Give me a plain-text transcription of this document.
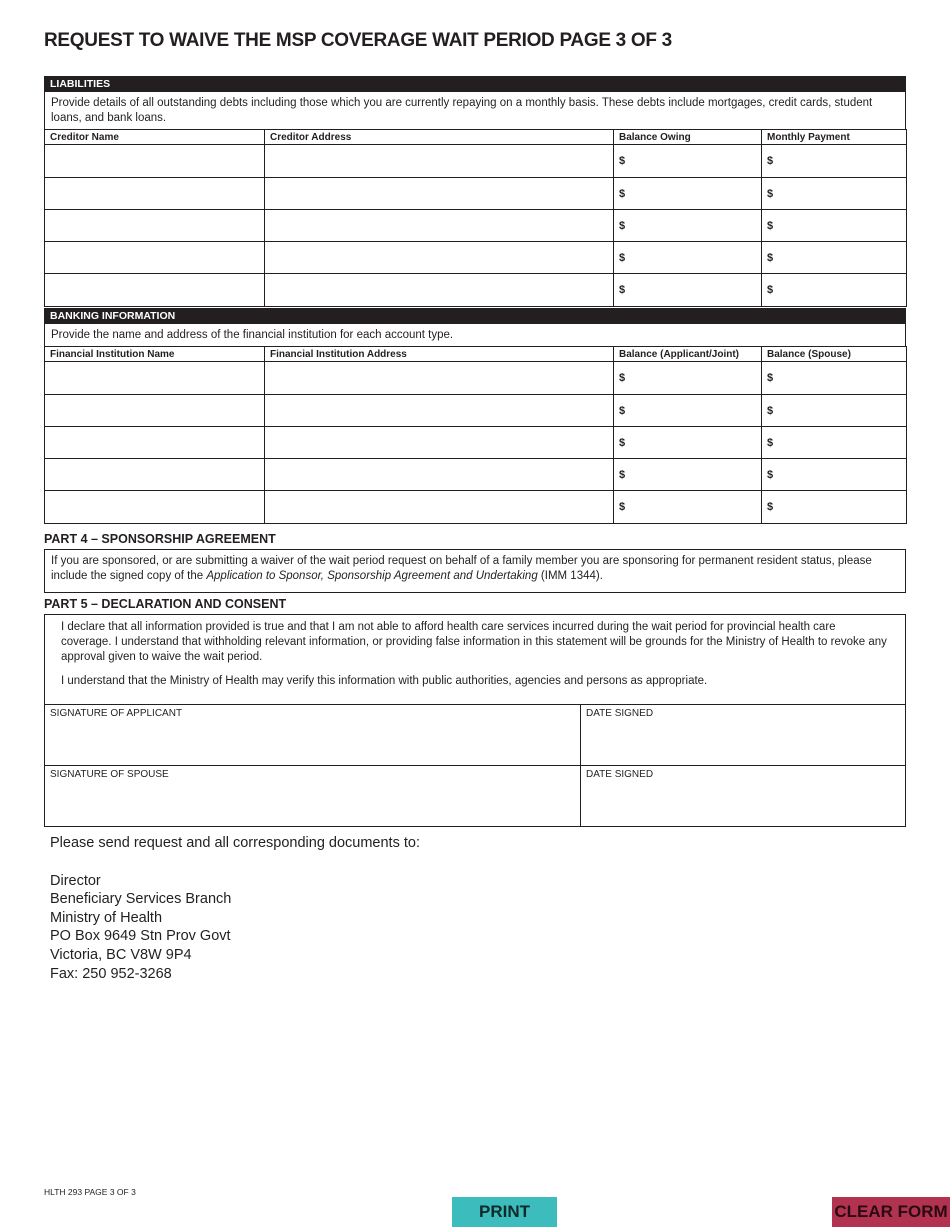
REQUEST TO WAIVE THE MSP COVERAGE WAIT PERIOD PAGE 3 OF 3
LIABILITIES
Provide details of all outstanding debts including those which you are currently repaying on a monthly basis. These debts include mortgages, credit cards, student loans, and bank loans.
Creditor Name	Creditor Address	Balance Owing	Monthly Payment
		$	$
		$	$
		$	$
		$	$
		$	$
BANKING INFORMATION
Provide the name and address of the financial institution for each account type.
Financial Institution Name	Financial Institution Address	Balance (Applicant/Joint)	Balance (Spouse)
		$	$
		$	$
		$	$
		$	$
		$	$
PART 4 – SPONSORSHIP AGREEMENT
If you are sponsored, or are submitting a waiver of the wait period request on behalf of a family member you are sponsoring for permanent resident status, please include the signed copy of the Application to Sponsor, Sponsorship Agreement and Undertaking (IMM 1344).
PART 5 – DECLARATION AND CONSENT

I declare that all information provided is true and that I am not able to afford health care services incurred during the wait period for provincial health care coverage. I understand that withholding relevant information, or providing false information in this statement will be grounds for the Ministry of Health to revoke any approval given to waive the wait period.

I understand that the Ministry of Health may verify this information with public authorities, agencies and persons as appropriate.

SIGNATURE OF APPLICANT	DATE SIGNED
SIGNATURE OF SPOUSE	DATE SIGNED
Please send request and all corresponding documents to:
Director
Beneficiary Services Branch
Ministry of Health
PO Box 9649 Stn Prov Govt
Victoria, BC V8W 9P4
Fax: 250 952-3268
HLTH 293 PAGE 3 OF 3
PRINT	CLEAR FORM
